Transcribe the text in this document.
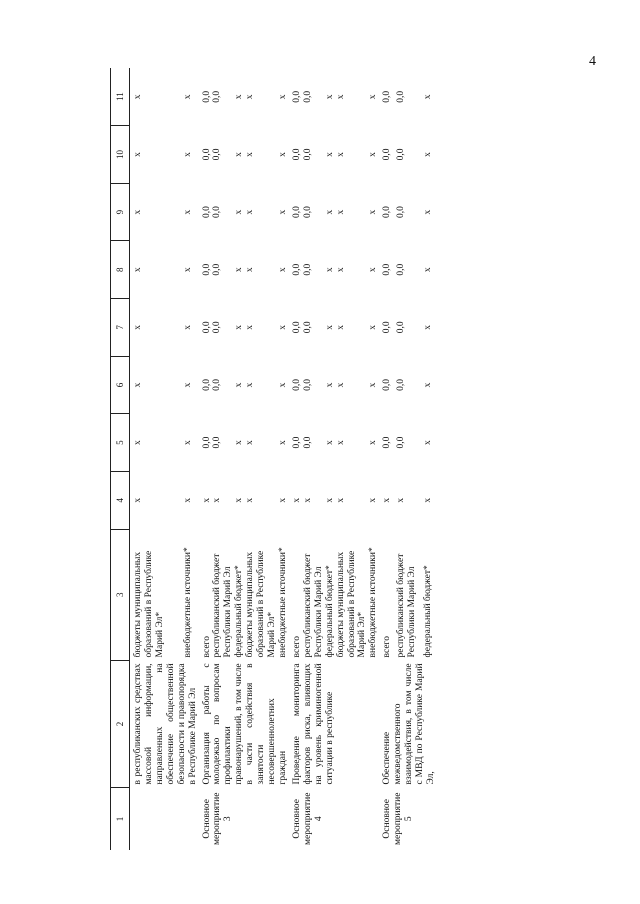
4
1	2	3	4	5	6	7	8	9	10	11
	в республиканских средствах массовой информации, направленных на обеспечение общественной безопасности и правопорядка в Республике Марий Эл	бюджеты муниципальных образований в Республике Марий Эл*	x	x	x	x	x	x	x	x
		внебюджетные источники*	x	x	x	x	x	x	x	x
Основное мероприятие 3	Организация работы с молодежью по вопросам профилактики правонарушений, в том числе в части содействия в занятости несовершеннолетних граждан	всего	x	0,0	0,0	0,0	0,0	0,0	0,0	0,0
		республиканский бюджет Республики Марий Эл	x	0,0	0,0	0,0	0,0	0,0	0,0	0,0
		федеральный бюджет*	x	x	x	x	x	x	x	x
		бюджеты муниципальных образований в Республике Марий Эл*	x	x	x	x	x	x	x	x
		внебюджетные источники*	x	x	x	x	x	x	x	x
Основное мероприятие 4	Проведение мониторинга факторов риска, влияющих на уровень криминогенной ситуации в республике	всего	x	0,0	0,0	0,0	0,0	0,0	0,0	0,0
		республиканский бюджет Республики Марий Эл	x	0,0	0,0	0,0	0,0	0,0	0,0	0,0
		федеральный бюджет*	x	x	x	x	x	x	x	x
		бюджеты муниципальных образований в Республике Марий Эл*	x	x	x	x	x	x	x	x
		внебюджетные источники*	x	x	x	x	x	x	x	x
Основное мероприятие 5	Обеспечение межведомственного взаимодействия, в том числе с МВД по Республике Марий Эл,	всего	x	0,0	0,0	0,0	0,0	0,0	0,0	0,0
		республиканский бюджет Республики Марий Эл	x	0,0	0,0	0,0	0,0	0,0	0,0	0,0
		федеральный бюджет*	x	x	x	x	x	x	x	x
